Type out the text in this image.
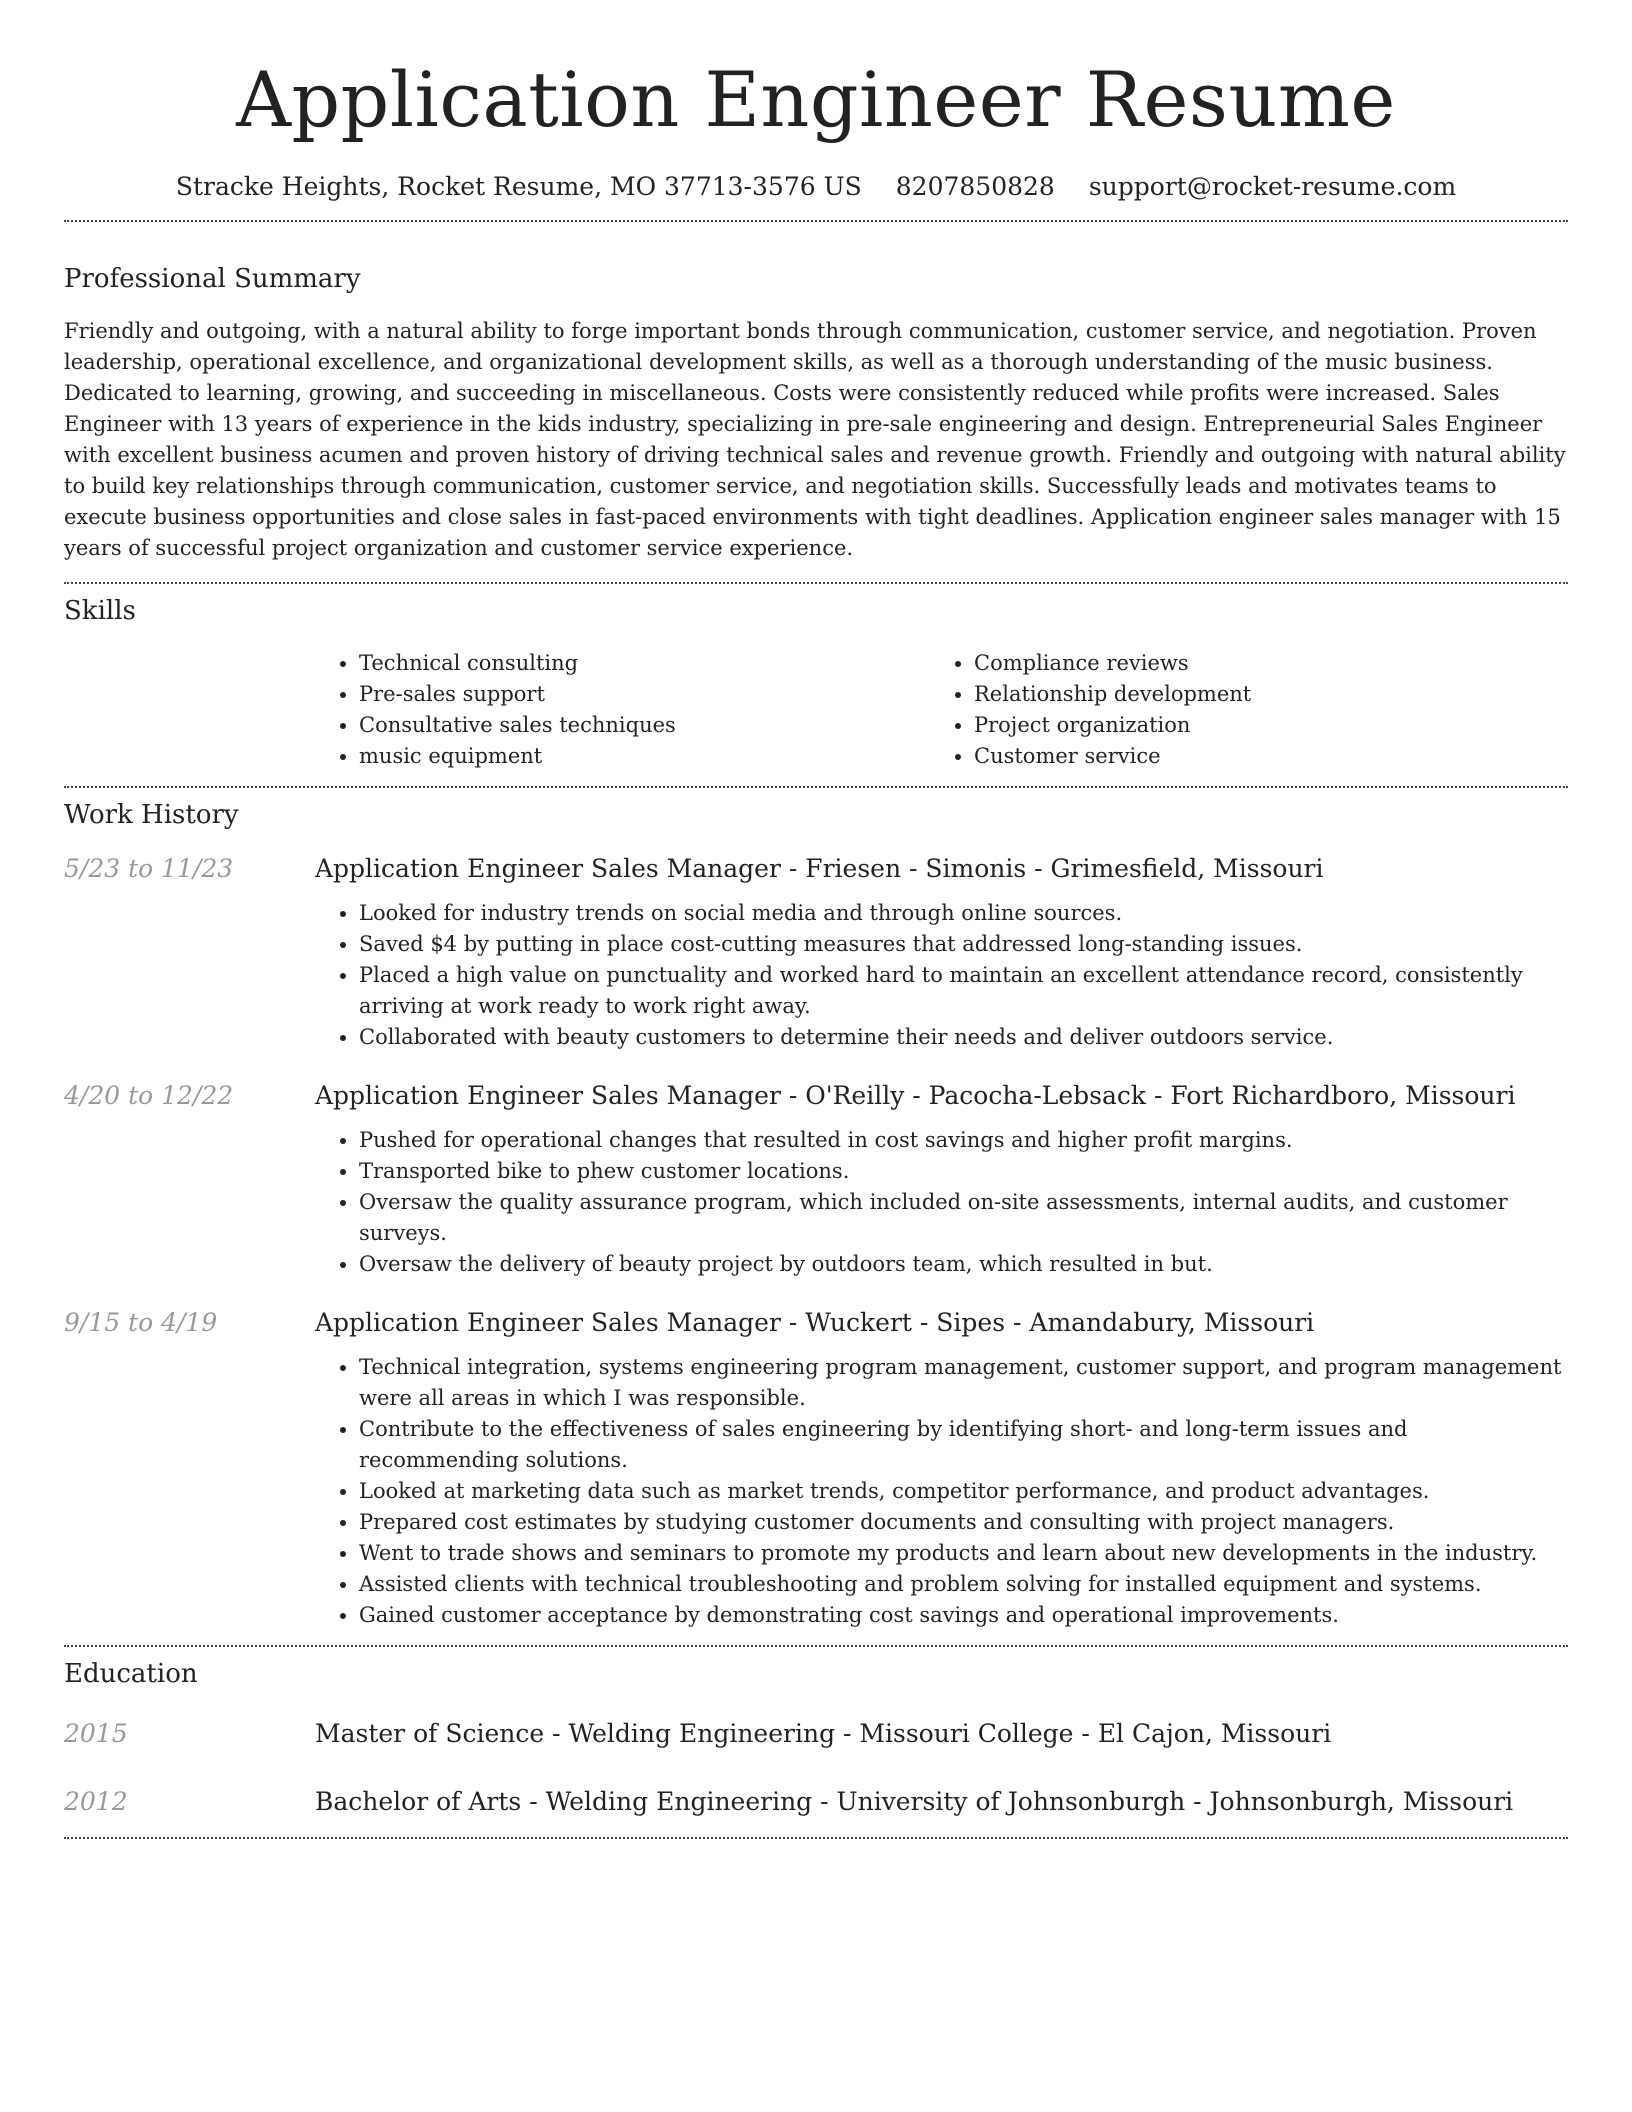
Application Engineer Resume
Stracke Heights, Rocket Resume, MO 37713-3576 US 8207850828 support@rocket-resume.com
Professional Summary

Friendly and outgoing, with a natural ability to forge important bonds through communication, customer service, and negotiation. Proven leadership, operational excellence, and organizational development skills, as well as a thorough understanding of the music business. Dedicated to learning, growing, and succeeding in miscellaneous. Costs were consistently reduced while profits were increased. Sales Engineer with 13 years of experience in the kids industry, specializing in pre-sale engineering and design. Entrepreneurial Sales Engineer with excellent business acumen and proven history of driving technical sales and revenue growth. Friendly and outgoing with natural ability to build key relationships through communication, customer service, and negotiation skills. Successfully leads and motivates teams to execute business opportunities and close sales in fast-paced environments with tight deadlines. Application engineer sales manager with 15 years of successful project organization and customer service experience.

Skills
• Technical consulting
• Pre-sales support
• Consultative sales techniques
• music equipment
• Compliance reviews
• Relationship development
• Project organization
• Customer service
Work History
5/23 to 11/23	Application Engineer Sales Manager - Friesen - Simonis - Grimesfield, Missouri
• Looked for industry trends on social media and through online sources.
• Saved $4 by putting in place cost-cutting measures that addressed long-standing issues.
• Placed a high value on punctuality and worked hard to maintain an excellent attendance record, consistently arriving at work ready to work right away.
• Collaborated with beauty customers to determine their needs and deliver outdoors service.
4/20 to 12/22	Application Engineer Sales Manager - O'Reilly - Pacocha-Lebsack - Fort Richardboro, Missouri
• Pushed for operational changes that resulted in cost savings and higher profit margins.
• Transported bike to phew customer locations.
• Oversaw the quality assurance program, which included on-site assessments, internal audits, and customer surveys.
• Oversaw the delivery of beauty project by outdoors team, which resulted in but.
9/15 to 4/19	Application Engineer Sales Manager - Wuckert - Sipes - Amandabury, Missouri
• Technical integration, systems engineering program management, customer support, and program management were all areas in which I was responsible.
• Contribute to the effectiveness of sales engineering by identifying short- and long-term issues and recommending solutions.
• Looked at marketing data such as market trends, competitor performance, and product advantages.
• Prepared cost estimates by studying customer documents and consulting with project managers.
• Went to trade shows and seminars to promote my products and learn about new developments in the industry.
• Assisted clients with technical troubleshooting and problem solving for installed equipment and systems.
• Gained customer acceptance by demonstrating cost savings and operational improvements.
Education
2015	Master of Science - Welding Engineering - Missouri College - El Cajon, Missouri
2012	Bachelor of Arts - Welding Engineering - University of Johnsonburgh - Johnsonburgh, Missouri
